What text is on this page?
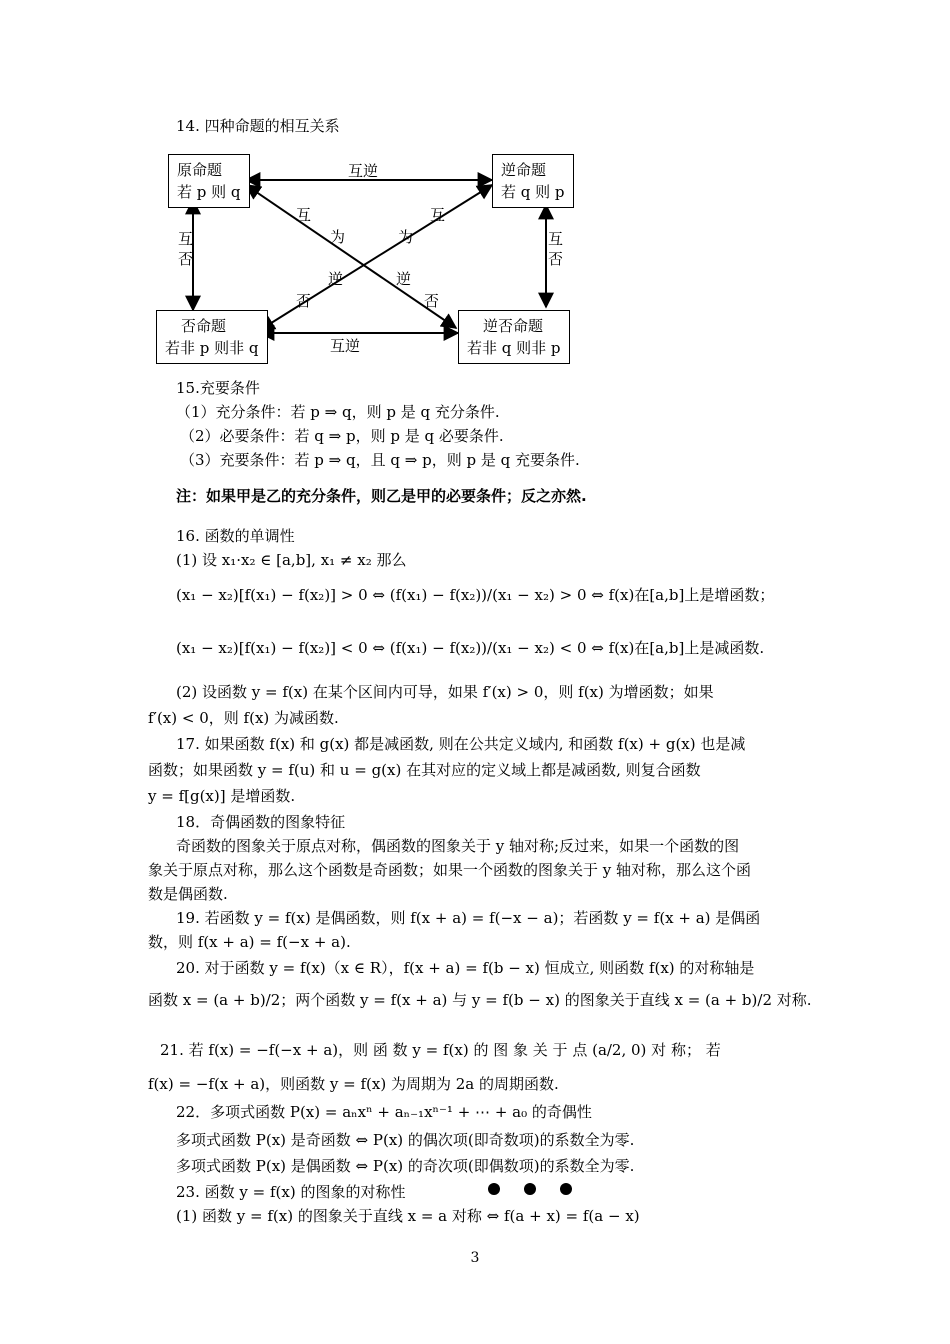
14. 四种命题的相互关系
原命题
若 p 则 q
逆命题
若 q 则 p
否命题
若非 p 则非 q
逆否命题
若非 q 则非 p
互逆
互逆
互
否
互
否
互
为
逆
否
互
为
逆
否
15.充要条件
（1）充分条件：若 p ⇒ q，则 p 是 q 充分条件.
（2）必要条件：若 q ⇒ p，则 p 是 q 必要条件.
（3）充要条件：若 p ⇒ q，且 q ⇒ p，则 p 是 q 充要条件.
注：如果甲是乙的充分条件，则乙是甲的必要条件；反之亦然.
16. 函数的单调性
(1) 设 x₁·x₂ ∈ [a,b], x₁ ≠ x₂ 那么
(x₁ − x₂)[f(x₁) − f(x₂)] > 0 ⇔ (f(x₁) − f(x₂))/(x₁ − x₂) > 0 ⇔ f(x)在[a,b]上是增函数；
(x₁ − x₂)[f(x₁) − f(x₂)] < 0 ⇔ (f(x₁) − f(x₂))/(x₁ − x₂) < 0 ⇔ f(x)在[a,b]上是减函数.
(2) 设函数 y = f(x) 在某个区间内可导，如果 f′(x) > 0，则 f(x) 为增函数；如果
f′(x) < 0，则 f(x) 为减函数.
17. 如果函数 f(x) 和 g(x) 都是减函数, 则在公共定义域内, 和函数 f(x) + g(x) 也是减
函数；如果函数 y = f(u) 和 u = g(x) 在其对应的定义域上都是减函数, 则复合函数
y = f[g(x)] 是增函数.
18．奇偶函数的图象特征
奇函数的图象关于原点对称，偶函数的图象关于 y 轴对称;反过来，如果一个函数的图
象关于原点对称，那么这个函数是奇函数；如果一个函数的图象关于 y 轴对称，那么这个函
数是偶函数.
19. 若函数 y = f(x) 是偶函数，则 f(x + a) = f(−x − a)；若函数 y = f(x + a) 是偶函
数，则 f(x + a) = f(−x + a).
20. 对于函数 y = f(x)（x ∈ R），f(x + a) = f(b − x) 恒成立, 则函数 f(x) 的对称轴是
函数 x = (a + b)/2；两个函数 y = f(x + a) 与 y = f(b − x) 的图象关于直线 x = (a + b)/2 对称.
21. 若 f(x) = −f(−x + a)，则 函 数 y = f(x) 的 图 象 关 于 点 (a/2, 0) 对 称； 若
f(x) = −f(x + a)，则函数 y = f(x) 为周期为 2a 的周期函数.
22．多项式函数 P(x) = aₙxⁿ + aₙ₋₁xⁿ⁻¹ + ⋯ + a₀ 的奇偶性
多项式函数 P(x) 是奇函数 ⇔ P(x) 的偶次项(即奇数项)的系数全为零.
多项式函数 P(x) 是偶函数 ⇔ P(x) 的奇次项(即偶数项)的系数全为零.
23. 函数 y = f(x) 的图象的对称性
(1) 函数 y = f(x) 的图象关于直线 x = a 对称 ⇔ f(a + x) = f(a − x)
3
